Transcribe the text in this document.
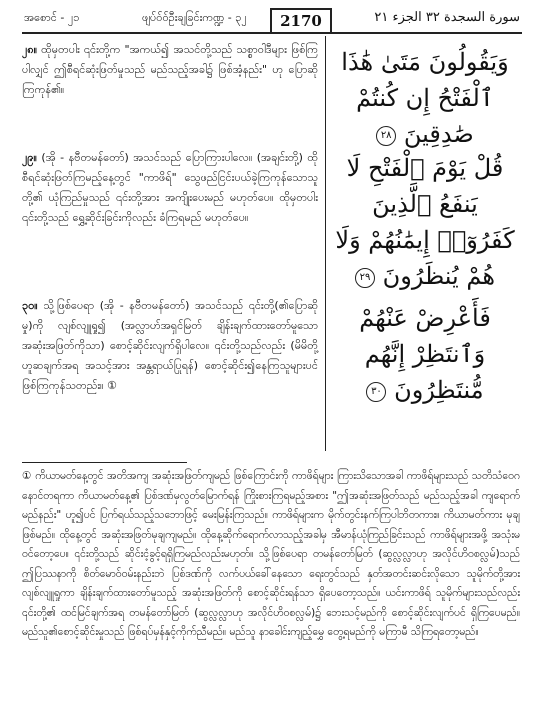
အစောင် - ၂၁	ဖျပ်ဝ်ဝ်ဦးချခြင်းကဏ္ဍ - ၃၂	2170	سورة السجدة ٣٢ الجزء ٢١
၂၈။ ထိုမှတပါး ၎င်းတို့က "အကယ်၍ အသင်တို့သည် သစ္စာဝါဒီများ ဖြစ်ကြပါလျှင် ဤစီရင်ဆုံးဖြတ်မှုသည် မည်သည့်အခါ၌ ဖြစ်အံ့နည်း" ဟု ပြောဆိုကြကုန်၏။
وَيَقُولُونَ مَتَىٰ هَٰذَا ٱلْفَتْحُ إِن كُنتُمْ صَٰدِقِينَ ٢٨
၂၉။ (အို - နဗီတမန်တော်) အသင်သည် ပြောကြားပါလေ။ (အချင်းတို့) ထိုစီရင်ဆုံးဖြတ်ကြမည့်နေ့တွင် "ကာဖိရ်" သွေဖည်ငြင်းပယ်ခဲ့ကြကုန်သောသူတို့၏ ယုံကြည်မှုသည် ၎င်းတို့အား အကျိုးပေးမည် မဟုတ်ပေ။ ထိုမှတပါး ၎င်းတို့သည် ရွှေ့ဆိုင်းခြင်းကိုလည်း ခံကြရမည် မဟုတ်ပေ။
قُلْ يَوْمَ ٱلْفَتْحِ لَا يَنفَعُ ٱلَّذِينَ كَفَرُوٓا۟ إِيمَٰنُهُمْ وَلَا هُمْ يُنظَرُونَ ٢٩
၃၀။ သို့ဖြစ်ပေရာ (အို - နဗီတမန်တော်) အသင်သည် ၎င်းတို့(၏ပြောဆိုမှု)ကို လျစ်လျူရှု၍ (အလ္လာဟ်အရှင်မြတ် ချိန်းချက်ထားတော်မူသော အဆုံးအဖြတ်ကိုသာ) စောင့်ဆိုင်းလျက်ရှိပါလေ။ ၎င်းတို့သည်လည်း (မိမိတို့ဟူဆချက်အရ အသင့်အား အန္တရာယ်ပြုရန်) စောင့်ဆိုင်း၍နေကြသူများပင်ဖြစ်ကြကုန်သတည်း။ ①
فَأَعْرِضْ عَنْهُمْ وَٱنتَظِرْ إِنَّهُم مُّنتَظِرُونَ ٣٠
① ကိယာမတ်နေ့တွင် အတိအကျ အဆုံးအဖြတ်ကျမည် ဖြစ်ကြောင်းကို ကာဖိရ်များ ကြားသိသောအခါ ကာဖိရ်များသည် သတိသံဝေဂ နောင်တရကာ ကိယာမတ်နေ့၏ ပြစ်ဒဏ်မှလွတ်မြောက်ရန် ကြိုးစားကြရမည့်အစား "ဤအဆုံးအဖြတ်သည် မည်သည့်အခါ ကျရောက်မည်နည်း" ဟူ၍ပင် ပြက်ရယ်သည့်သဘောဖြင့် မေးမြန်းကြသည်။ ကာဖိရ်များက မိုက်တွင်းနက်ကြပါဘိတကား။ ကိယာမတ်ကား မုချဖြစ်မည်။ ထိုနေ့တွင် အဆုံးအဖြတ်မုချကျမည်။ ထိုနေ့ဆိုက်ရောက်လာသည့်အခါမှ အီမာန်ယုံကြည်ခြင်းသည် ကာဖိရ်များအဖို့ အသုံးမဝင်တော့ပေ။ ၎င်းတို့သည် ဆိုင်းငံ့ခွင့်ရရှိကြမည်လည်းမဟုတ်။ သို့ဖြစ်ပေရာ တမန်တော်မြတ် (ဆွလ္လလ္လာဟု အလိုင်ဟိဝစလ္လမ်)သည် ဤပြဿနာကို စိတ်မောဝ်ဝမ်းနည်းဘဲ ပြစ်ဒဏ်ကို လက်ပယ်ခေါ်နေသော ရေးတွင်သည် နှတ်အတင်းဆင်းလိုသော သူမိုက်တို့အား လျစ်လျူရှုကာ ချိန်းချက်ထားတော်မူသည့် အဆုံးအဖြတ်ကို စောင့်ဆိုင်းရန်သာ ရှိပေတော့သည်။ ယင်းကာဖိရ် သူမိုက်များသည်လည်း ၎င်းတို့၏ ထင်မြင်ချက်အရ တမန်တော်မြတ် (ဆွလ္လလ္လာဟု အလိုင်ဟိဝစလ္လမ်)၌ ဘေးသင့်မည်ကို စောင့်ဆိုင်းလျက်ပင် ရှိကြပေမည်။ မည်သူ၏စောင့်ဆိုင်းမှုသည် ဖြစ်ရပ်မှန်နှင့်ကိုက်ညီမည်။ မည်သူ နာခေါင်းကျည့်မွှေ တွေ့ရမည်ကို မကြာမီ သိကြရတော့မည်။
